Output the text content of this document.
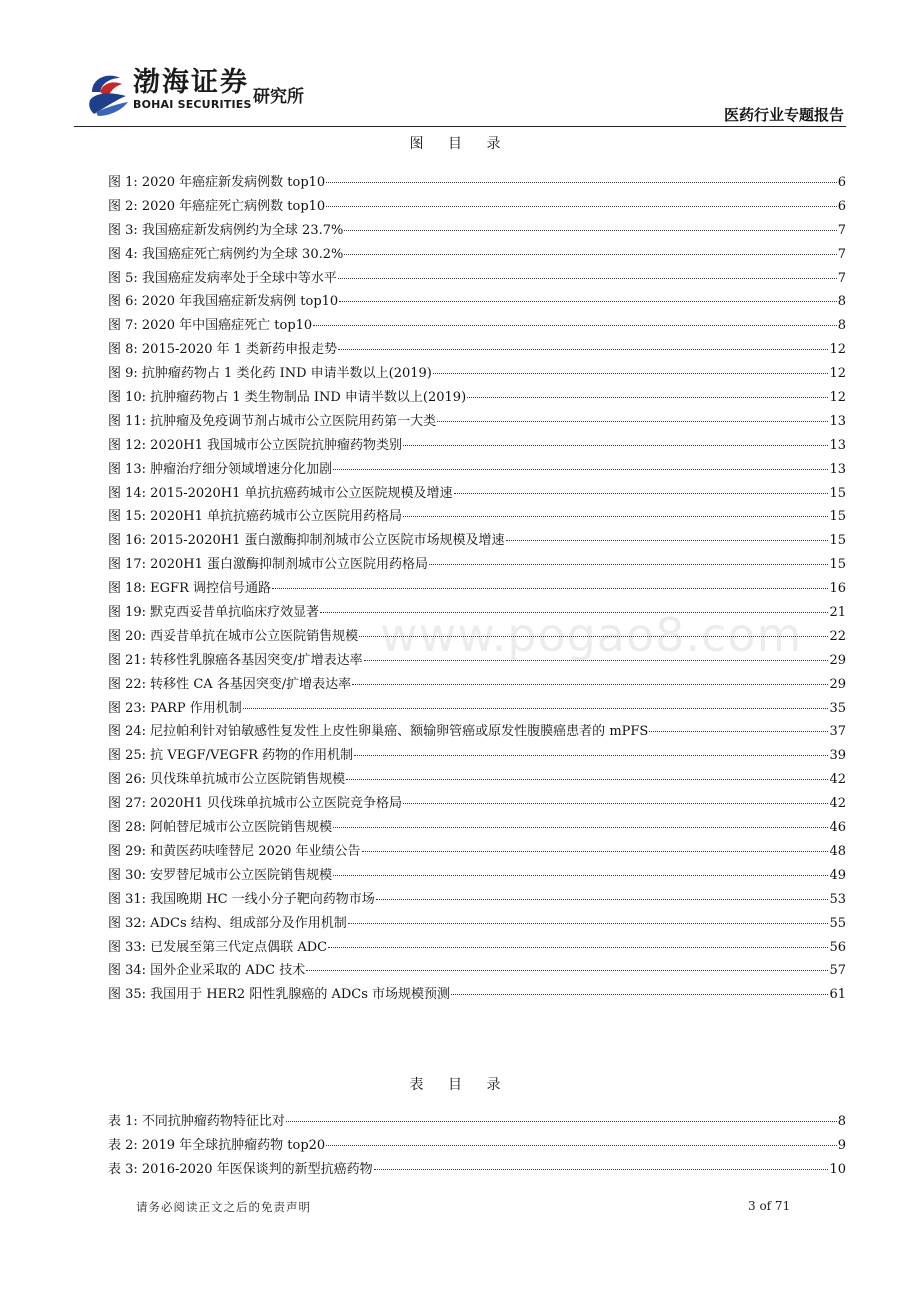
渤海证券
BOHAI SECURITIES 研究所
医药行业专题报告
www.pogao8.com
图 目 录
图 1: 2020 年癌症新发病例数 top10	6
图 2: 2020 年癌症死亡病例数 top10	6
图 3: 我国癌症新发病例约为全球 23.7%	7
图 4: 我国癌症死亡病例约为全球 30.2%	7
图 5: 我国癌症发病率处于全球中等水平	7
图 6: 2020 年我国癌症新发病例 top10	8
图 7: 2020 年中国癌症死亡 top10	8
图 8: 2015-2020 年 1 类新药申报走势	12
图 9: 抗肿瘤药物占 1 类化药 IND 申请半数以上(2019)	12
图 10: 抗肿瘤药物占 1 类生物制品 IND 申请半数以上(2019)	12
图 11: 抗肿瘤及免疫调节剂占城市公立医院用药第一大类	13
图 12: 2020H1 我国城市公立医院抗肿瘤药物类别	13
图 13: 肿瘤治疗细分领域增速分化加剧	13
图 14: 2015-2020H1 单抗抗癌药城市公立医院规模及增速	15
图 15: 2020H1 单抗抗癌药城市公立医院用药格局	15
图 16: 2015-2020H1 蛋白激酶抑制剂城市公立医院市场规模及增速	15
图 17: 2020H1 蛋白激酶抑制剂城市公立医院用药格局	15
图 18: EGFR 调控信号通路	16
图 19: 默克西妥昔单抗临床疗效显著	21
图 20: 西妥昔单抗在城市公立医院销售规模	22
图 21: 转移性乳腺癌各基因突变/扩增表达率	29
图 22: 转移性 CA 各基因突变/扩增表达率	29
图 23: PARP 作用机制	35
图 24: 尼拉帕利针对铂敏感性复发性上皮性卵巢癌、额输卵管癌或原发性腹膜癌患者的 mPFS	37
图 25: 抗 VEGF/VEGFR 药物的作用机制	39
图 26: 贝伐珠单抗城市公立医院销售规模	42
图 27: 2020H1 贝伐珠单抗城市公立医院竞争格局	42
图 28: 阿帕替尼城市公立医院销售规模	46
图 29: 和黄医药呋喹替尼 2020 年业绩公告	48
图 30: 安罗替尼城市公立医院销售规模	49
图 31: 我国晚期 HC 一线小分子靶向药物市场	53
图 32: ADCs 结构、组成部分及作用机制	55
图 33: 已发展至第三代定点偶联 ADC	56
图 34: 国外企业采取的 ADC 技术	57
图 35: 我国用于 HER2 阳性乳腺癌的 ADCs 市场规模预测	61
表 目 录
表 1: 不同抗肿瘤药物特征比对	8
表 2: 2019 年全球抗肿瘤药物 top20	9
表 3: 2016-2020 年医保谈判的新型抗癌药物	10
请务必阅读正文之后的免责声明	3 of 71
